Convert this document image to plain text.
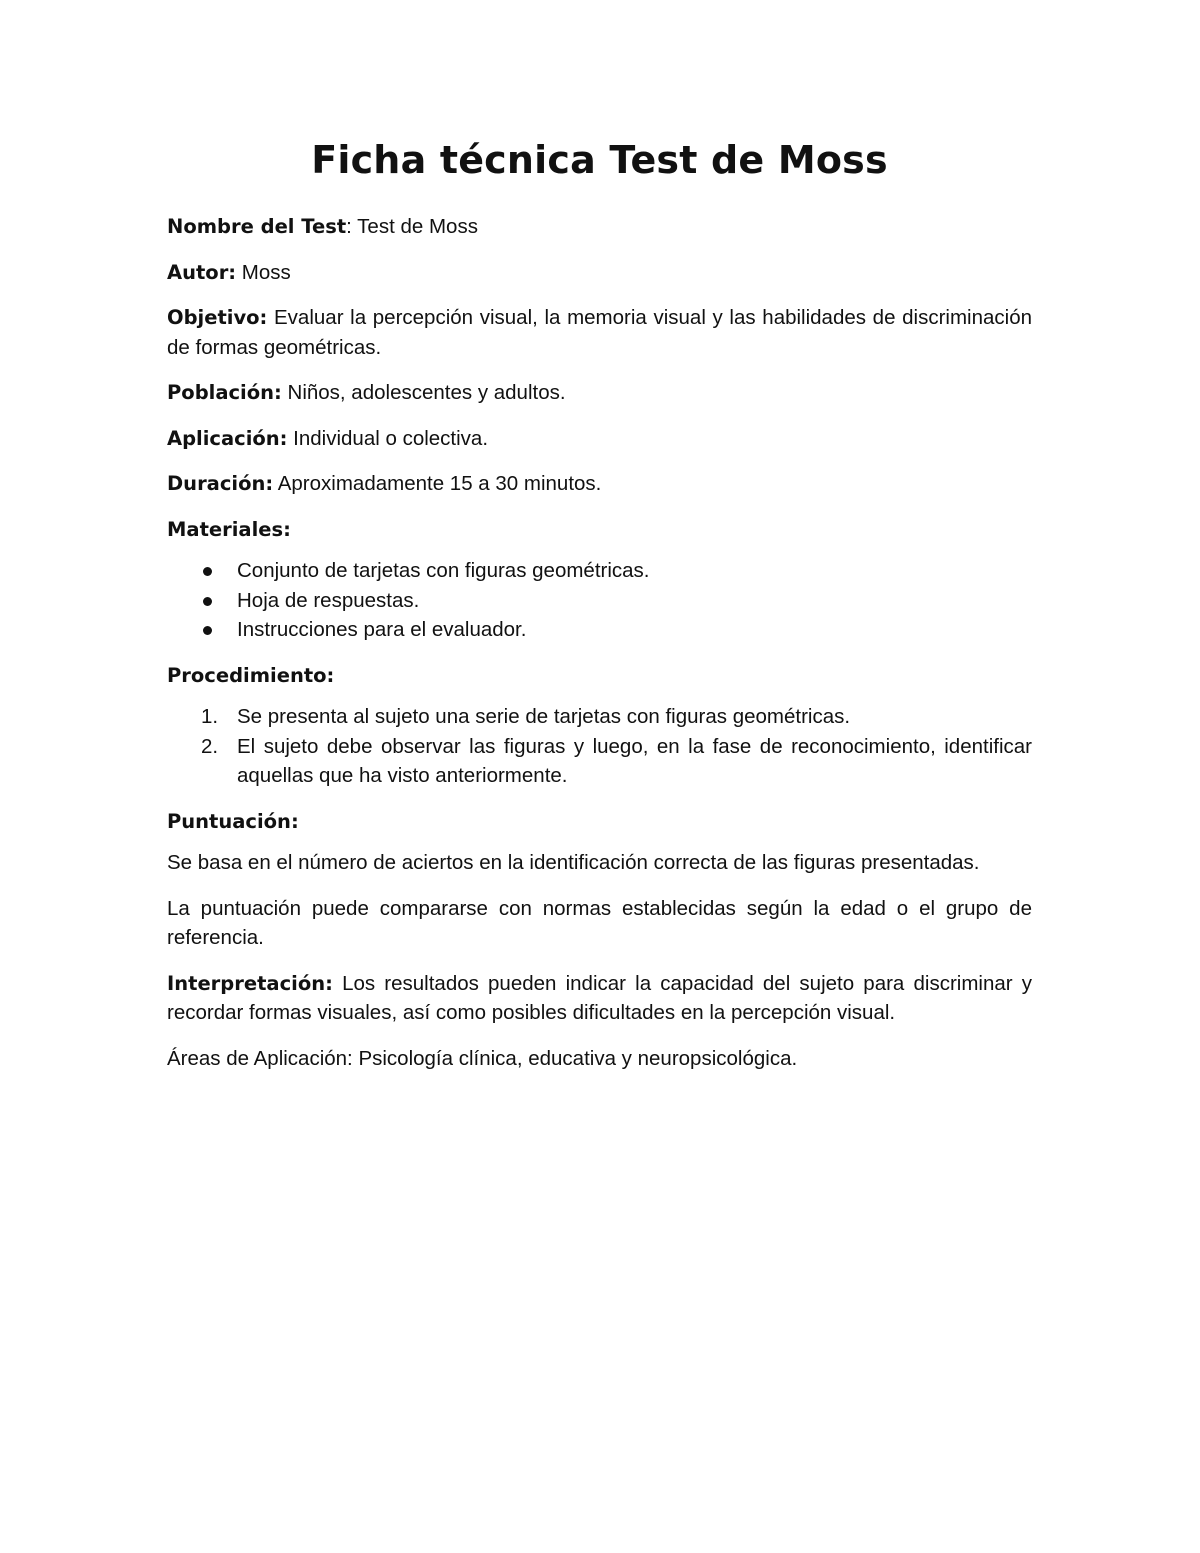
Ficha técnica Test de Moss

Nombre del Test: Test de Moss

Autor: Moss

Objetivo: Evaluar la percepción visual, la memoria visual y las habilidades de discriminación de formas geométricas.

Población: Niños, adolescentes y adultos.

Aplicación: Individual o colectiva.

Duración: Aproximadamente 15 a 30 minutos.

Materiales:

Conjunto de tarjetas con figuras geométricas.
Hoja de respuestas.
Instrucciones para el evaluador.

Procedimiento:

1. Se presenta al sujeto una serie de tarjetas con figuras geométricas.
2. El sujeto debe observar las figuras y luego, en la fase de reconocimiento, identificar aquellas que ha visto anteriormente.

Puntuación:

Se basa en el número de aciertos en la identificación correcta de las figuras presentadas.

La puntuación puede compararse con normas establecidas según la edad o el grupo de referencia.

Interpretación: Los resultados pueden indicar la capacidad del sujeto para discriminar y recordar formas visuales, así como posibles dificultades en la percepción visual.

Áreas de Aplicación: Psicología clínica, educativa y neuropsicológica.
